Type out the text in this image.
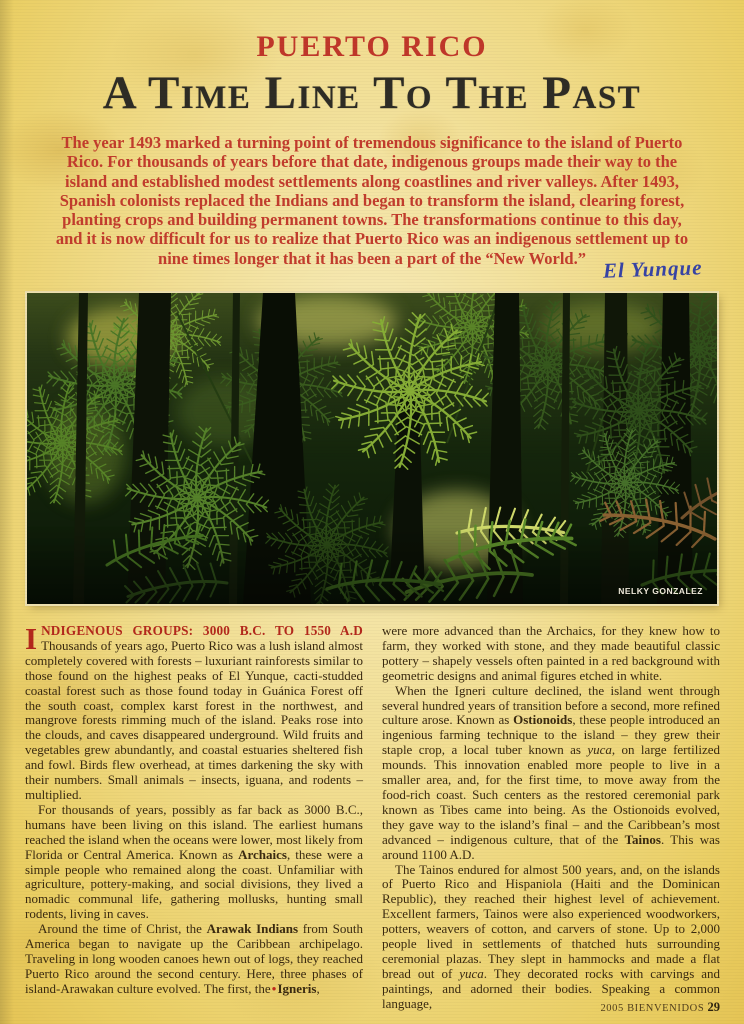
PUERTO RICO
A Time Line To The Past
The year 1493 marked a turning point of tremendous significance to the island of Puerto Rico. For thousands of years before that date, indigenous groups made their way to the island and established modest settlements along coastlines and river valleys. After 1493, Spanish colonists replaced the Indians and began to transform the island, clearing forest, planting crops and building permanent towns. The transformations continue to this day, and it is now difficult for us to realize that Puerto Rico was an indigenous settlement up to nine times longer that it has been a part of the “New World.” El Yunque
NELKY GONZALEZ

INDIGENOUS GROUPS: 3000 B.C. TO 1550 A.D Thousands of years ago, Puerto Rico was a lush island almost completely covered with forests – luxuriant rainforests similar to those found on the highest peaks of El Yunque, cacti-studded coastal forest such as those found today in Guánica Forest off the south coast, complex karst forest in the northwest, and mangrove forests rimming much of the island. Peaks rose into the clouds, and caves disappeared underground. Wild fruits and vegetables grew abundantly, and coastal estuaries sheltered fish and fowl. Birds flew overhead, at times darkening the sky with their numbers. Small animals – insects, iguana, and rodents – multiplied.

For thousands of years, possibly as far back as 3000 B.C., humans have been living on this island. The earliest humans reached the island when the oceans were lower, most likely from Florida or Central America. Known as Archaics, these were a simple people who remained along the coast. Unfamiliar with agriculture, pottery-making, and social divisions, they lived a nomadic communal life, gathering mollusks, hunting small rodents, living in caves.

Around the time of Christ, the Arawak Indians from South America began to navigate up the Caribbean archipelago. Traveling in long wooden canoes hewn out of logs, they reached Puerto Rico around the second century. Here, three phases of island-Arawakan culture evolved. The first, the●Igneris,

were more advanced than the Archaics, for they knew how to farm, they worked with stone, and they made beautiful classic pottery – shapely vessels often painted in a red background with geometric designs and animal figures etched in white.

When the Igneri culture declined, the island went through several hundred years of transition before a second, more refined culture arose. Known as Ostionoids, these people introduced an ingenious farming technique to the island – they grew their staple crop, a local tuber known as yuca, on large fertilized mounds. This innovation enabled more people to live in a smaller area, and, for the first time, to move away from the food-rich coast. Such centers as the restored ceremonial park known as Tibes came into being. As the Ostionoids evolved, they gave way to the island’s final – and the Caribbean’s most advanced – indigenous culture, that of the Tainos. This was around 1100 A.D.

The Tainos endured for almost 500 years, and, on the islands of Puerto Rico and Hispaniola (Haiti and the Dominican Republic), they reached their highest level of achievement. Excellent farmers, Tainos were also experienced woodworkers, potters, weavers of cotton, and carvers of stone. Up to 2,000 people lived in settlements of thatched huts surrounding ceremonial plazas. They slept in hammocks and made a flat bread out of yuca. They decorated rocks with carvings and paintings, and adorned their bodies. Speaking a common language,	2005 BIENVENIDOS 29
